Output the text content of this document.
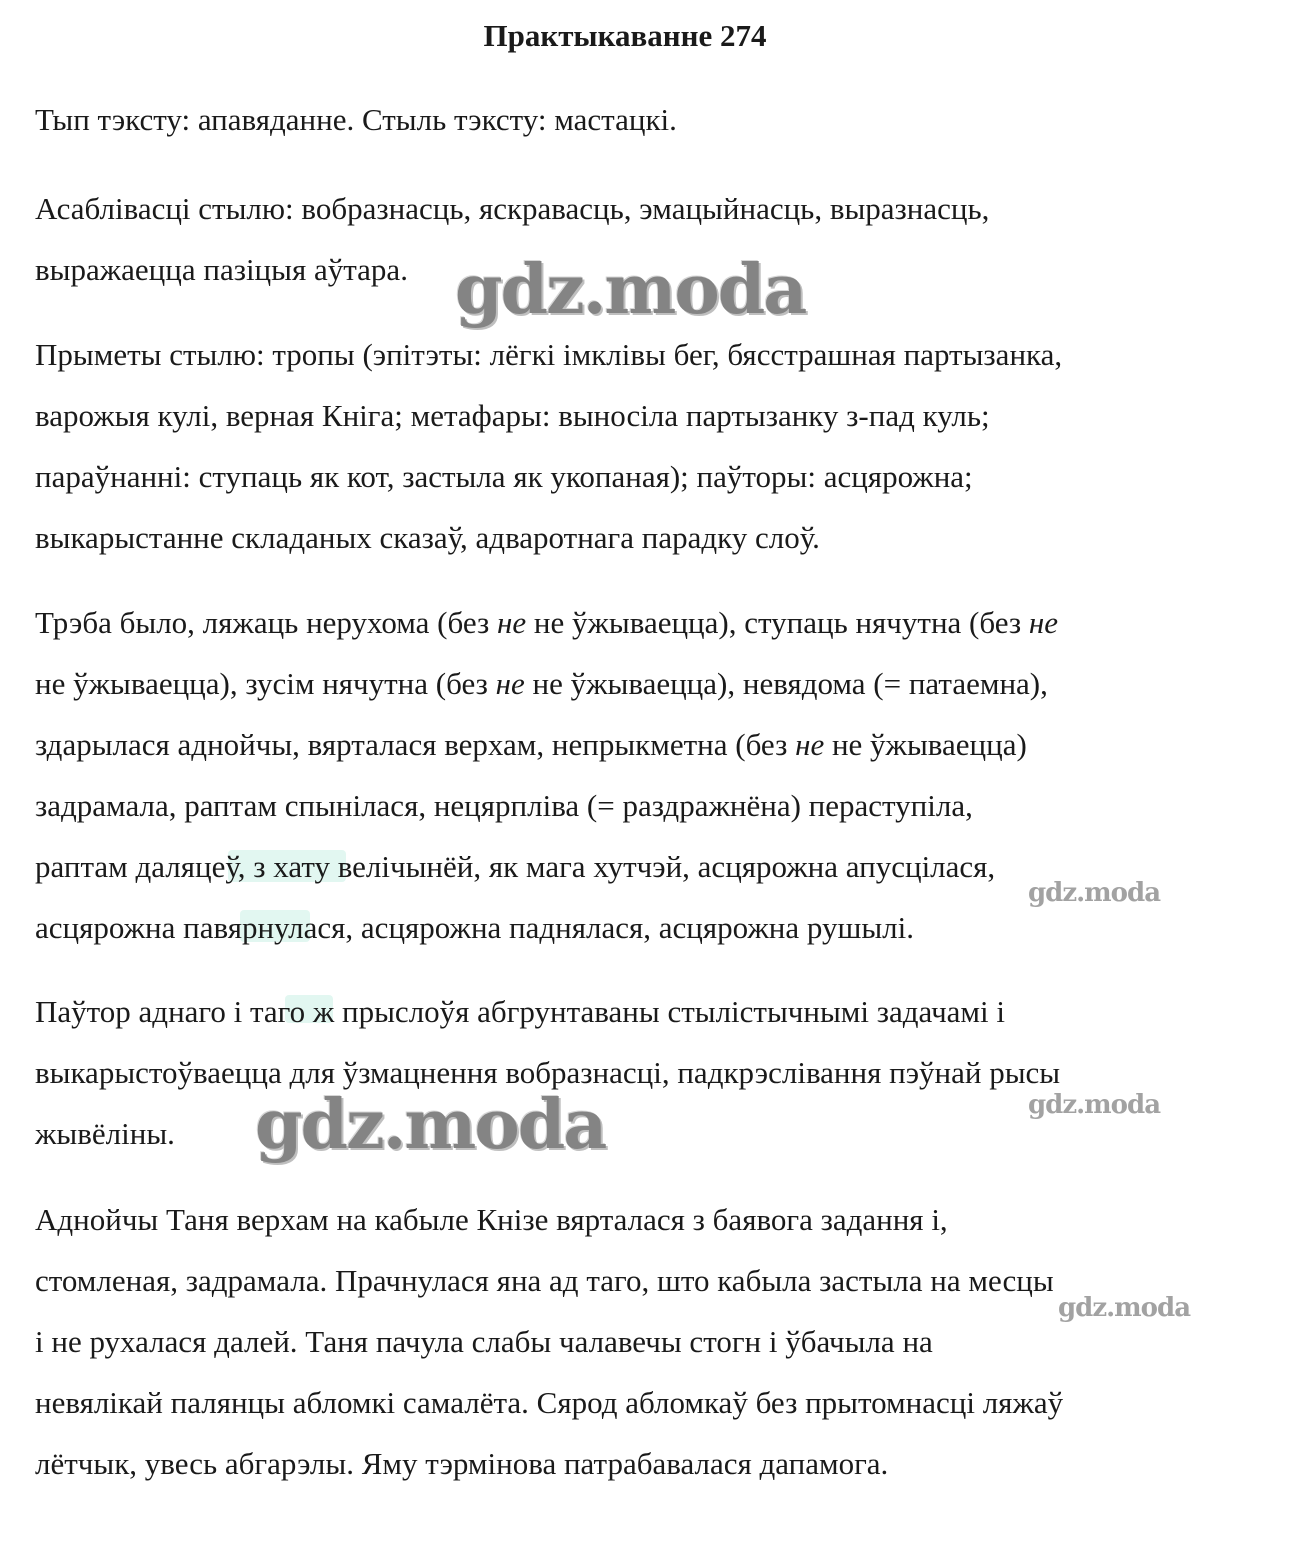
Практыкаванне 274

Тып тэксту: апавяданне. Стыль тэксту: мастацкі.

Асаблівасці стылю: вобразнасць, яскравасць, эмацыйнасць, выразнасць,
выражаецца пазіцыя аўтара.

Прыметы стылю: тропы (эпітэты: лёгкі імклівы бег, бясстрашная партызанка,
варожыя кулі, верная Кніга; метафары: выносіла партызанку з-пад куль;
параўнанні: ступаць як кот, застыла як укопаная); паўторы: асцярожна;
выкарыстанне складаных сказаў, адваротнага парадку слоў.

Трэба было, ляжаць нерухома (без не не ўжываецца), ступаць нячутна (без не
не ўжываецца), зусім нячутна (без не не ўжываецца), невядома (= патаемна),
здарылася аднойчы, вярталася верхам, непрыкметна (без не не ўжываецца)
задрамала, раптам спынілася, нецярпліва (= раздражнёна) пераступіла,
раптам даляцеў, з хату велічынёй, як мага хутчэй, асцярожна апусцілася,
асцярожна павярнулася, асцярожна паднялася, асцярожна рушылі.

Паўтор аднаго і таго ж прыслоўя абгрунтаваны стылістычнымі задачамі і
выкарыстоўваецца для ўзмацнення вобразнасці, падкрэслівання пэўнай рысы
жывёліны.

Аднойчы Таня верхам на кабыле Кнізе вярталася з баявога задання і,
стомленая, задрамала. Прачнулася яна ад таго, што кабыла застыла на месцы
і не рухалася далей. Таня пачула слабы чалавечы стогн і ўбачыла на
невялікай палянцы абломкі самалёта. Сярод абломкаў без прытомнасці ляжаў
лётчык, увесь абгарэлы. Яму тэрмінова патрабавалася дапамога.

gdz.moda
gdz.moda
gdz.moda
gdz.moda
gdz.moda
